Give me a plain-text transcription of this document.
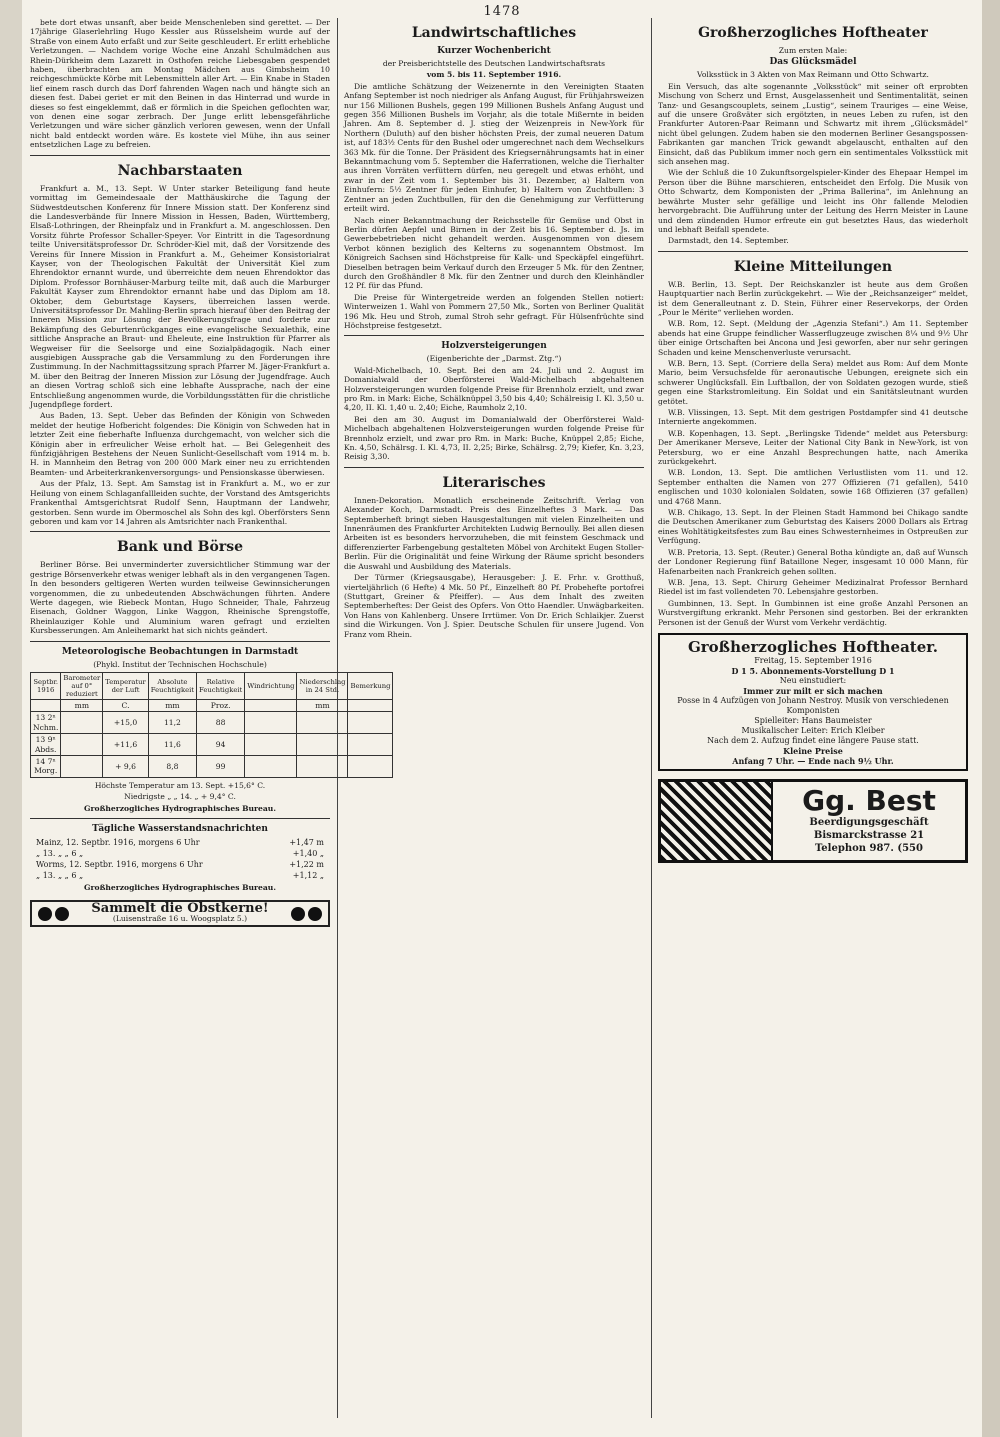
1478

bete dort etwas unsanft, aber beide Menschenleben sind gerettet. — Der 17jährige Glaserlehrling Hugo Kessler aus Rüsselsheim wurde auf der Straße von einem Auto erfaßt und zur Seite geschleudert. Er erlitt erhebliche Verletzungen. — Nachdem vorige Woche eine Anzahl Schulmädchen aus Rhein-Dürkheim dem Lazarett in Osthofen reiche Liebesgaben gespendet haben, überbrachten am Montag Mädchen aus Gimbsheim 10 reichgeschmückte Körbe mit Lebensmitteln aller Art. — Ein Knabe in Staden lief einem rasch durch das Dorf fahrenden Wagen nach und hängte sich an diesen fest. Dabei geriet er mit den Beinen in das Hinterrad und wurde in dieses so fest eingeklemmt, daß er förmlich in die Speichen geflochten war, von denen eine sogar zerbrach. Der Junge erlitt lebensgefährliche Verletzungen und wäre sicher gänzlich verloren gewesen, wenn der Unfall nicht bald entdeckt worden wäre. Es kostete viel Mühe, ihn aus seiner entsetzlichen Lage zu befreien.

Nachbarstaaten

Frankfurt a. M., 13. Sept. W Unter starker Beteiligung fand heute vormittag im Gemeindesaale der Matthäuskirche die Tagung der Südwestdeutschen Konferenz für Innere Mission statt. Der Konferenz sind die Landesverbände für Innere Mission in Hessen, Baden, Württemberg, Elsaß-Lothringen, der Rheinpfalz und in Frankfurt a. M. angeschlossen. Den Vorsitz führte Professor Schaller-Speyer. Vor Eintritt in die Tagesordnung teilte Universitätsprofessor Dr. Schröder-Kiel mit, daß der Vorsitzende des Vereins für Innere Mission in Frankfurt a. M., Geheimer Konsistorialrat Kayser, von der Theologischen Fakultät der Universität Kiel zum Ehrendoktor ernannt wurde, und überreichte dem neuen Ehrendoktor das Diplom. Professor Bornhäuser-Marburg teilte mit, daß auch die Marburger Fakultät Kayser zum Ehrendoktor ernannt habe und das Diplom am 18. Oktober, dem Geburtstage Kaysers, überreichen lassen werde. Universitätsprofessor Dr. Mahling-Berlin sprach hierauf über den Beitrag der Inneren Mission zur Lösung der Bevölkerungsfrage und forderte zur Bekämpfung des Geburtenrückganges eine evangelische Sexualethik, eine sittliche Ansprache an Braut- und Eheleute, eine Instruktion für Pfarrer als Wegweiser für die Seelsorge und eine Sozialpädagogik. Nach einer ausgiebigen Aussprache gab die Versammlung zu den Forderungen ihre Zustimmung. In der Nachmittagssitzung sprach Pfarrer M. Jäger-Frankfurt a. M. über den Beitrag der Inneren Mission zur Lösung der Jugendfrage. Auch an diesen Vortrag schloß sich eine lebhafte Aussprache, nach der eine Entschließung angenommen wurde, die Vorbildungsstätten für die christliche Jugendpflege fordert.

Aus Baden, 13. Sept. Ueber das Befinden der Königin von Schweden meldet der heutige Hofbericht folgendes: Die Königin von Schweden hat in letzter Zeit eine fieberhafte Influenza durchgemacht, von welcher sich die Königin aber in erfreulicher Weise erholt hat. — Bei Gelegenheit des fünfzigjährigen Bestehens der Neuen Sunlicht-Gesellschaft vom 1914 m. b. H. in Mannheim den Betrag von 200 000 Mark einer neu zu errichtenden Beamten- und Arbeiterkrankenversorgungs- und Pensionskasse überwiesen.

Aus der Pfalz, 13. Sept. Am Samstag ist in Frankfurt a. M., wo er zur Heilung von einem Schlaganfallleiden suchte, der Vorstand des Amtsgerichts Frankenthal Amtsgerichtsrat Rudolf Senn, Hauptmann der Landwehr, gestorben. Senn wurde im Obermoschel als Sohn des kgl. Oberförsters Senn geboren und kam vor 14 Jahren als Amtsrichter nach Frankenthal.

Bank und Börse

Berliner Börse. Bei unverminderter zuversichtlicher Stimmung war der gestrige Börsenverkehr etwas weniger lebhaft als in den vergangenen Tagen. In den besonders geltigeren Werten wurden teilweise Gewinnsicherungen vorgenommen, die zu unbedeutenden Abschwächungen führten. Andere Werte dagegen, wie Riebeck Montan, Hugo Schneider, Thale, Fahrzeug Eisenach, Goldner Waggon, Linke Waggon, Rheinische Sprengstoffe, Rheinlauziger Kohle und Aluminium waren gefragt und erzielten Kursbesserungen. Am Anleihemarkt hat sich nichts geändert.

Meteorologische Beobachtungen in Darmstadt
(Phykl. Institut der Technischen Hochschule)
Septbr. 1916	Barometer auf 0° reduziert	Temperatur der Luft	Absolute Feuchtigkeit	Relative Feuchtigkeit	Windrichtung	Niederschlag in 24 Std.	Bemerkung
	mm	C.	mm	Proz.		mm	
13 2ⁿ Nchm.		+15,0	11,2	88			
13 9ⁿ Abds.		+11,6	11,6	94			
14 7ⁿ Morg.		+ 9,6	8,8	99			
Höchste Temperatur am 13. Sept. +15,6° C.
Niedrigste „ „ 14. „ + 9,4° C.
Großherzogliches Hydrographisches Bureau.
Tägliche Wasserstandsnachrichten
Mainz, 12. Septbr. 1916, morgens 6 Uhr	+1,47 m
„ 13. „ „ 6 „	+1,40 „
Worms, 12. Septbr. 1916, morgens 6 Uhr	+1,22 m
„ 13. „ „ 6 „	+1,12 „
Großherzogliches Hydrographisches Bureau.
Sammelt die Obstkerne!
(Luisenstraße 16 u. Woogsplatz 5.)
Landwirtschaftliches
Kurzer Wochenbericht
der Preisberichtstelle des Deutschen Landwirtschaftsrats
vom 5. bis 11. September 1916.

Die amtliche Schätzung der Weizenernte in den Vereinigten Staaten Anfang September ist noch niedriger als Anfang August, für Frühjahrsweizen nur 156 Millionen Bushels, gegen 199 Millionen Bushels Anfang August und gegen 356 Millionen Bushels im Vorjahr, als die totale Mißernte in beiden Jahren. Am 8. September d. J. stieg der Weizenpreis in New-York für Northern (Duluth) auf den bisher höchsten Preis, der zumal neueren Datum ist, auf 183½ Cents für den Bushel oder umgerechnet nach dem Wechselkurs 363 Mk. für die Tonne. Der Präsident des Kriegsernährungsamts hat in einer Bekanntmachung vom 5. September die Haferrationen, welche die Tierhalter aus ihren Vorräten verfüttern dürfen, neu geregelt und etwas erhöht, und zwar in der Zeit vom 1. September bis 31. Dezember, a) Haltern von Einhufern: 5½ Zentner für jeden Einhufer, b) Haltern von Zuchtbullen: 3 Zentner an jeden Zuchtbullen, für den die Genehmigung zur Verfütterung erteilt wird.

Nach einer Bekanntmachung der Reichsstelle für Gemüse und Obst in Berlin dürfen Aepfel und Birnen in der Zeit bis 16. September d. Js. im Gewerbebetrieben nicht gehandelt werden. Ausgenommen von diesem Verbot können beziglich des Kelterns zu sogenanntem Obstmost. Im Königreich Sachsen sind Höchstpreise für Kalk- und Speckäpfel eingeführt. Dieselben betragen beim Verkauf durch den Erzeuger 5 Mk. für den Zentner, durch den Großhändler 8 Mk. für den Zentner und durch den Kleinhändler 12 Pf. für das Pfund.

Die Preise für Wintergetreide werden an folgenden Stellen notiert: Winterweizen 1. Wahl von Pommern 27,50 Mk., Sorten von Berliner Qualität 196 Mk. Heu und Stroh, zumal Stroh sehr gefragt. Für Hülsenfrüchte sind Höchstpreise festgesetzt.

Holzversteigerungen
(Eigenberichte der „Darmst. Ztg.“)

Wald-Michelbach, 10. Sept. Bei den am 24. Juli und 2. August im Domanialwald der Oberförsterei Wald-Michelbach abgehaltenen Holzversteigerungen wurden folgende Preise für Brennholz erzielt, und zwar pro Rm. in Mark: Eiche, Schälknüppel 3,50 bis 4,40; Schälreisig I. Kl. 3,50 u. 4,20, II. Kl. 1,40 u. 2,40; Eiche, Raumholz 2,10.

Bei den am 30. August im Domanialwald der Oberförsterei Wald-Michelbach abgehaltenen Holzversteigerungen wurden folgende Preise für Brennholz erzielt, und zwar pro Rm. in Mark: Buche, Knüppel 2,85; Eiche, Kn. 4,50, Schälrsg. I. Kl. 4,73, II. 2,25; Birke, Schälrsg. 2,79; Kiefer, Kn. 3,23, Reisig 3,30.

Literarisches

Innen-Dekoration. Monatlich erscheinende Zeitschrift. Verlag von Alexander Koch, Darmstadt. Preis des Einzelheftes 3 Mark. — Das Septemberheft bringt sieben Hausgestaltungen mit vielen Einzelheiten und Innenräumen des Frankfurter Architekten Ludwig Bernoully. Bei allen diesen Arbeiten ist es besonders hervorzuheben, die mit feinstem Geschmack und differenzierter Farbengebung gestalteten Möbel von Architekt Eugen Stoller-Berlin. Für die Originalität und feine Wirkung der Räume spricht besonders die Auswahl und Ausbildung des Materials.

Der Türmer (Kriegsausgabe), Herausgeber: J. E. Frhr. v. Grotthuß, vierteljährlich (6 Hefte) 4 Mk. 50 Pf., Einzelheft 80 Pf. Probehefte portofrei (Stuttgart, Greiner & Pfeiffer). — Aus dem Inhalt des zweiten Septemberheftes: Der Geist des Opfers. Von Otto Haendler. Unwägbarkeiten. Von Hans von Kahlenberg. Unsere Irrtümer. Von Dr. Erich Schlaikjer. Zuerst sind die Wirkungen. Von J. Spier. Deutsche Schulen für unsere Jugend. Von Franz vom Rhein.

Großherzogliches Hoftheater
Zum ersten Male:
Das Glücksmädel
Volksstück in 3 Akten von Max Reimann und Otto Schwartz.

Ein Versuch, das alte sogenannte „Volksstück“ mit seiner oft erprobten Mischung von Scherz und Ernst, Ausgelassenheit und Sentimentalität, seinen Tanz- und Gesangscouplets, seinem „Lustig“, seinem Trauriges — eine Weise, auf die unsere Großväter sich ergötzten, in neues Leben zu rufen, ist den Frankfurter Autoren-Paar Reimann und Schwartz mit ihrem „Glücksmädel“ nicht übel gelungen. Zudem haben sie den modernen Berliner Gesangspossen-Fabrikanten gar manchen Trick gewandt abgelauscht, enthalten auf den Einsicht, daß das Publikum immer noch gern ein sentimentales Volksstück mit sich ansehen mag.

Wie der Schluß die 10 Zukunftsorgelspieler-Kinder des Ehepaar Hempel im Person über die Bühne marschieren, entscheidet den Erfolg. Die Musik von Otto Schwartz, dem Komponisten der „Prima Ballerina“, im Anlehnung an bewährte Muster sehr gefällige und leicht ins Ohr fallende Melodien hervorgebracht. Die Aufführung unter der Leitung des Herrn Meister in Laune und dem zündenden Humor erfreute ein gut besetztes Haus, das wiederholt und lebhaft Beifall spendete.

Darmstadt, den 14. September.

Kleine Mitteilungen

W.B. Berlin, 13. Sept. Der Reichskanzler ist heute aus dem Großen Hauptquartier nach Berlin zurückgekehrt. — Wie der „Reichsanzeiger“ meldet, ist dem Generalleutnant z. D. Stein, Führer einer Reservekorps, der Orden „Pour le Mérite“ verliehen worden.

W.B. Rom, 12. Sept. (Meldung der „Agenzia Stefani“.) Am 11. September abends hat eine Gruppe feindlicher Wasserflugzeuge zwischen 8¼ und 9½ Uhr über einige Ortschaften bei Ancona und Jesi geworfen, aber nur sehr geringen Schaden und keine Menschenverluste verursacht.

W.B. Bern, 13. Sept. (Corriere della Sera) meldet aus Rom: Auf dem Monte Mario, beim Versuchsfelde für aeronautische Uebungen, ereignete sich ein schwerer Unglücksfall. Ein Luftballon, der von Soldaten gezogen wurde, stieß gegen eine Starkstromleitung. Ein Soldat und ein Sanitätsleutnant wurden getötet.

W.B. Vlissingen, 13. Sept. Mit dem gestrigen Postdampfer sind 41 deutsche Internierte angekommen.

W.B. Kopenhagen, 13. Sept. „Berlingske Tidende“ meldet aus Petersburg: Der Amerikaner Merseve, Leiter der National City Bank in New-York, ist von Petersburg, wo er eine Anzahl Besprechungen hatte, nach Amerika zurückgekehrt.

W.B. London, 13. Sept. Die amtlichen Verlustlisten vom 11. und 12. September enthalten die Namen von 277 Offizieren (71 gefallen), 5410 englischen und 1030 kolonialen Soldaten, sowie 168 Offizieren (37 gefallen) und 4768 Mann.

W.B. Chikago, 13. Sept. In der Fleinen Stadt Hammond bei Chikago sandte die Deutschen Amerikaner zum Geburtstag des Kaisers 2000 Dollars als Ertrag eines Wohltätigkeitsfestes zum Bau eines Schwesternheimes in Ostpreußen zur Verfügung.

W.B. Pretoria, 13. Sept. (Reuter.) General Botha kündigte an, daß auf Wunsch der Londoner Regierung fünf Bataillone Neger, insgesamt 10 000 Mann, für Hafenarbeiten nach Frankreich gehen sollten.

W.B. Jena, 13. Sept. Chirurg Geheimer Medizinalrat Professor Bernhard Riedel ist im fast vollendeten 70. Lebensjahre gestorben.

Gumbinnen, 13. Sept. In Gumbinnen ist eine große Anzahl Personen an Wurstvergiftung erkrankt. Mehr Personen sind gestorben. Bei der erkrankten Personen ist der Genuß der Wurst vom Verkehr verdächtig.

Großherzogliches Hoftheater.
Freitag, 15. September 1916
D 1 5. Abonnements-Vorstellung D 1
Neu einstudiert:
Immer zur milt er sich machen
Posse in 4 Aufzügen von Johann Nestroy. Musik von verschiedenen Komponisten
Spielleiter: Hans Baumeister
Musikalischer Leiter: Erich Kleiber
Nach dem 2. Aufzug findet eine längere Pause statt.
Kleine Preise
Anfang 7 Uhr. — Ende nach 9½ Uhr.
Gg. Best
Beerdigungsgeschäft
Bismarckstrasse 21
Telephon 987. (550
